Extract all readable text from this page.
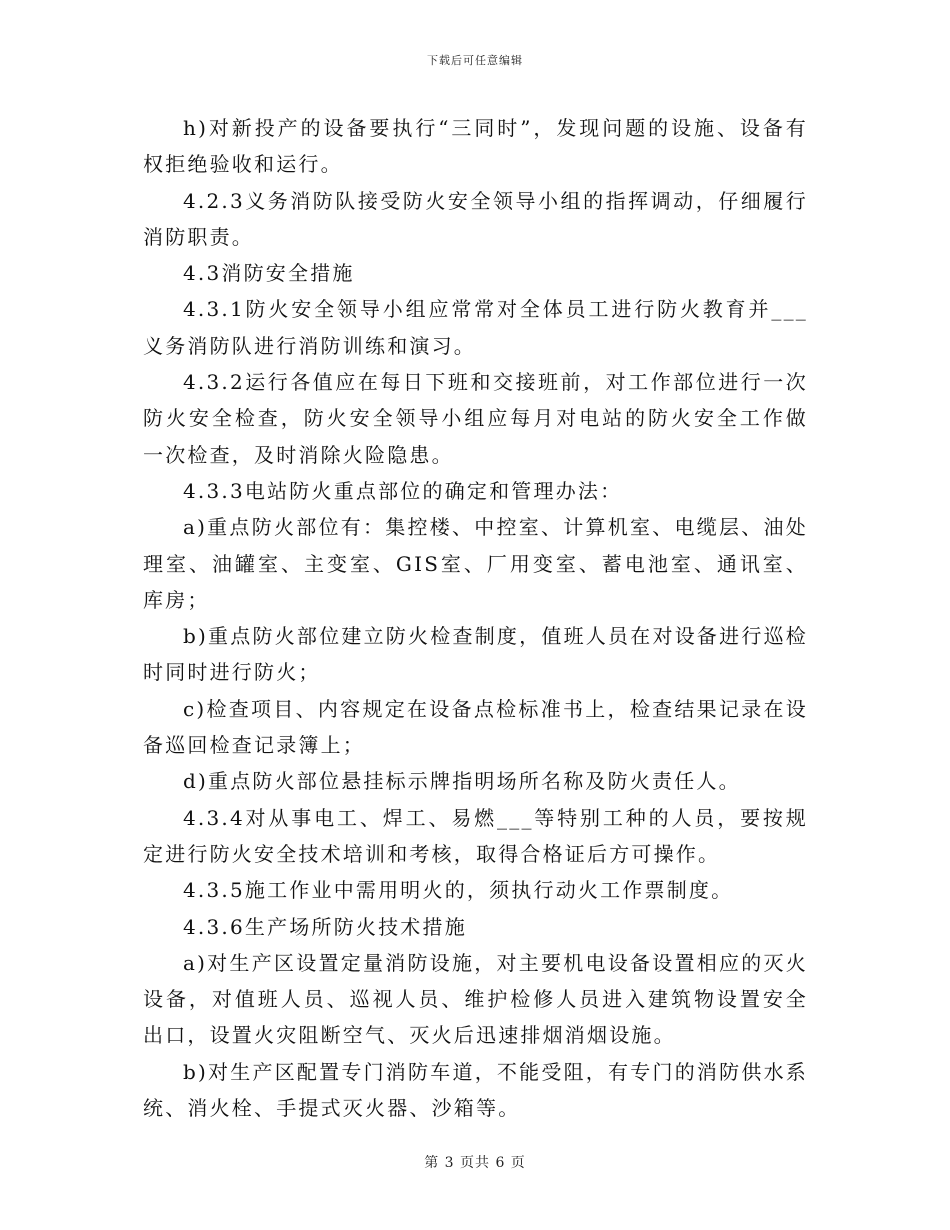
下载后可任意编辑

h)对新投产的设备要执行“三同时”，发现问题的设施、设备有权拒绝验收和运行。

4.2.3义务消防队接受防火安全领导小组的指挥调动，仔细履行消防职责。

4.3消防安全措施

4.3.1防火安全领导小组应常常对全体员工进行防火教育并___义务消防队进行消防训练和演习。

4.3.2运行各值应在每日下班和交接班前，对工作部位进行一次防火安全检查，防火安全领导小组应每月对电站的防火安全工作做一次检查，及时消除火险隐患。

4.3.3电站防火重点部位的确定和管理办法：

a)重点防火部位有：集控楼、中控室、计算机室、电缆层、油处理室、油罐室、主变室、GIS室、厂用变室、蓄电池室、通讯室、库房；

b)重点防火部位建立防火检查制度，值班人员在对设备进行巡检时同时进行防火；

c)检查项目、内容规定在设备点检标准书上，检查结果记录在设备巡回检查记录簿上；

d)重点防火部位悬挂标示牌指明场所名称及防火责任人。

4.3.4对从事电工、焊工、易燃___等特别工种的人员，要按规定进行防火安全技术培训和考核，取得合格证后方可操作。

4.3.5施工作业中需用明火的，须执行动火工作票制度。

4.3.6生产场所防火技术措施

a)对生产区设置定量消防设施，对主要机电设备设置相应的灭火设备，对值班人员、巡视人员、维护检修人员进入建筑物设置安全出口，设置火灾阻断空气、灭火后迅速排烟消烟设施。

b)对生产区配置专门消防车道，不能受阻，有专门的消防供水系统、消火栓、手提式灭火器、沙箱等。

第 3 页共 6 页
